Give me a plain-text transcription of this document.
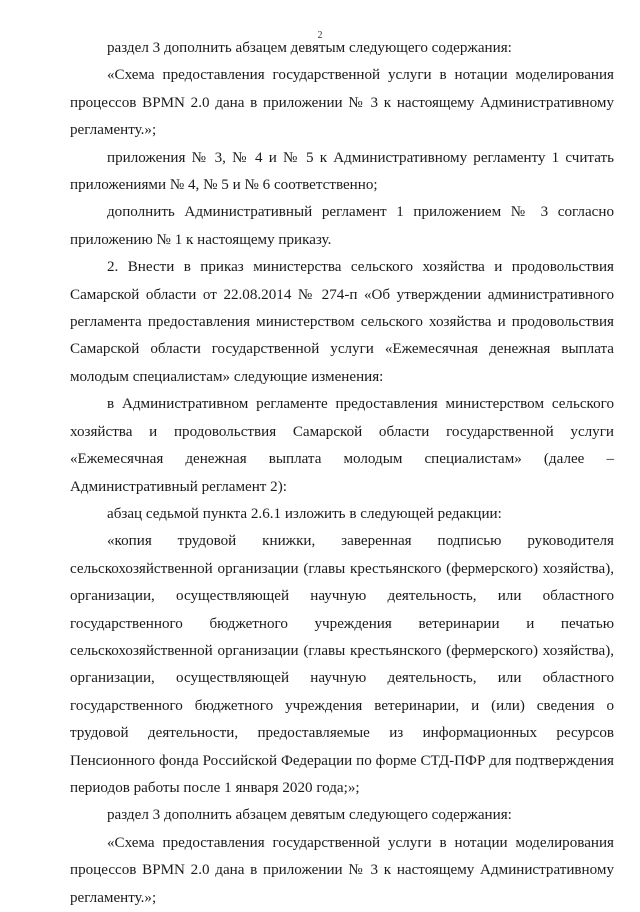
2

раздел 3 дополнить абзацем девятым следующего содержания:

«Схема предоставления государственной услуги в нотации моделирования процессов BPMN 2.0 дана в приложении № 3 к настоящему Административному регламенту.»;

приложения № 3, № 4 и № 5 к Административному регламенту 1 считать приложениями № 4, № 5 и № 6 соответственно;

дополнить Административный регламент 1 приложением № 3 согласно приложению № 1 к настоящему приказу.

2. Внести в приказ министерства сельского хозяйства и продовольствия Самарской области от 22.08.2014 № 274-п «Об утверждении административного регламента предоставления министерством сельского хозяйства и продовольствия Самарской области государственной услуги «Ежемесячная денежная выплата молодым специалистам» следующие изменения:

в Административном регламенте предоставления министерством сельского хозяйства и продовольствия Самарской области государственной услуги «Ежемесячная денежная выплата молодым специалистам» (далее – Административный регламент 2):

абзац седьмой пункта 2.6.1 изложить в следующей редакции:

«копия трудовой книжки, заверенная подписью руководителя сельскохозяйственной организации (главы крестьянского (фермерского) хозяйства), организации, осуществляющей научную деятельность, или областного государственного бюджетного учреждения ветеринарии и печатью сельскохозяйственной организации (главы крестьянского (фермерского) хозяйства), организации, осуществляющей научную деятельность, или областного государственного бюджетного учреждения ветеринарии, и (или) сведения о трудовой деятельности, предоставляемые из информационных ресурсов Пенсионного фонда Российской Федерации по форме СТД-ПФР для подтверждения периодов работы после 1 января 2020 года;»;

раздел 3 дополнить абзацем девятым следующего содержания:

«Схема предоставления государственной услуги в нотации моделирования процессов BPMN 2.0 дана в приложении № 3 к настоящему Административному регламенту.»;
